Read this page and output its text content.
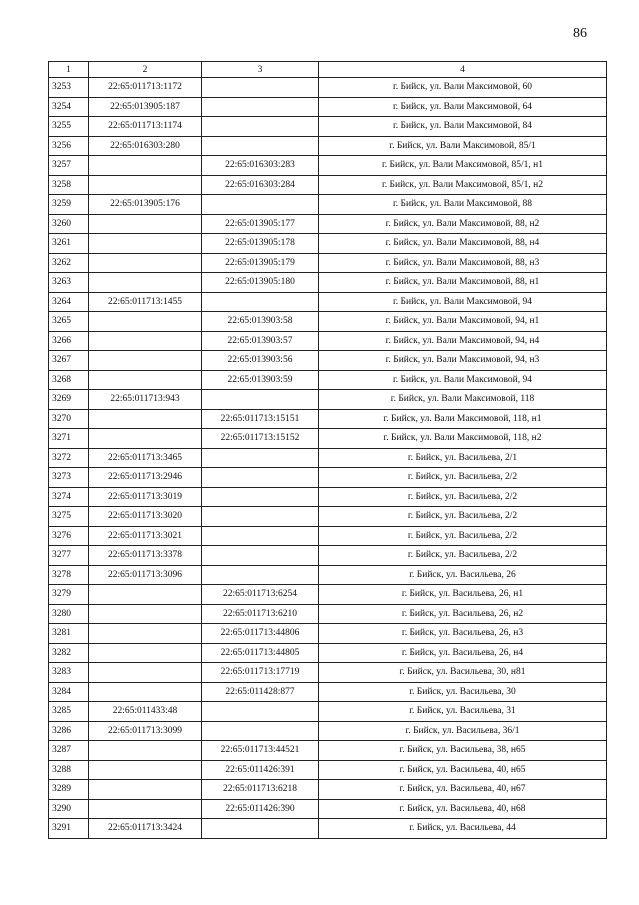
86
1	2	3	4
3253	22:65:011713:1172		г. Бийск, ул. Вали Максимовой, 60
3254	22:65:013905:187		г. Бийск, ул. Вали Максимовой, 64
3255	22:65:011713:1174		г. Бийск, ул. Вали Максимовой, 84
3256	22:65:016303:280		г. Бийск, ул. Вали Максимовой, 85/1
3257		22:65:016303:283	г. Бийск, ул. Вали Максимовой, 85/1, н1
3258		22:65:016303:284	г. Бийск, ул. Вали Максимовой, 85/1, н2
3259	22:65:013905:176		г. Бийск, ул. Вали Максимовой, 88
3260		22:65:013905:177	г. Бийск, ул. Вали Максимовой, 88, н2
3261		22:65:013905:178	г. Бийск, ул. Вали Максимовой, 88, н4
3262		22:65:013905:179	г. Бийск, ул. Вали Максимовой, 88, н3
3263		22:65:013905:180	г. Бийск, ул. Вали Максимовой, 88, н1
3264	22:65:011713:1455		г. Бийск, ул. Вали Максимовой, 94
3265		22:65:013903:58	г. Бийск, ул. Вали Максимовой, 94, н1
3266		22:65:013903:57	г. Бийск, ул. Вали Максимовой, 94, н4
3267		22:65:013903:56	г. Бийск, ул. Вали Максимовой, 94, н3
3268		22:65:013903:59	г. Бийск, ул. Вали Максимовой, 94
3269	22:65:011713:943		г. Бийск, ул. Вали Максимовой, 118
3270		22:65:011713:15151	г. Бийск, ул. Вали Максимовой, 118, н1
3271		22:65:011713:15152	г. Бийск, ул. Вали Максимовой, 118, н2
3272	22:65:011713:3465		г. Бийск, ул. Васильева, 2/1
3273	22:65:011713:2946		г. Бийск, ул. Васильева, 2/2
3274	22:65:011713:3019		г. Бийск, ул. Васильева, 2/2
3275	22:65:011713:3020		г. Бийск, ул. Васильева, 2/2
3276	22:65:011713:3021		г. Бийск, ул. Васильева, 2/2
3277	22:65:011713:3378		г. Бийск, ул. Васильева, 2/2
3278	22:65:011713:3096		г. Бийск, ул. Васильева, 26
3279		22:65:011713:6254	г. Бийск, ул. Васильева, 26, н1
3280		22:65:011713:6210	г. Бийск, ул. Васильева, 26, н2
3281		22:65:011713:44806	г. Бийск, ул. Васильева, 26, н3
3282		22:65:011713:44805	г. Бийск, ул. Васильева, 26, н4
3283		22:65:011713:17719	г. Бийск, ул. Васильева, 30, н81
3284		22:65:011428:877	г. Бийск, ул. Васильева, 30
3285	22:65:011433:48		г. Бийск, ул. Васильева, 31
3286	22:65:011713:3099		г. Бийск, ул. Васильева, 36/1
3287		22:65:011713:44521	г. Бийск, ул. Васильева, 38, н65
3288		22:65:011426:391	г. Бийск, ул. Васильева, 40, н65
3289		22:65:011713:6218	г. Бийск, ул. Васильева, 40, н67
3290		22:65:011426:390	г. Бийск, ул. Васильева, 40, н68
3291	22:65:011713:3424		г. Бийск, ул. Васильева, 44
